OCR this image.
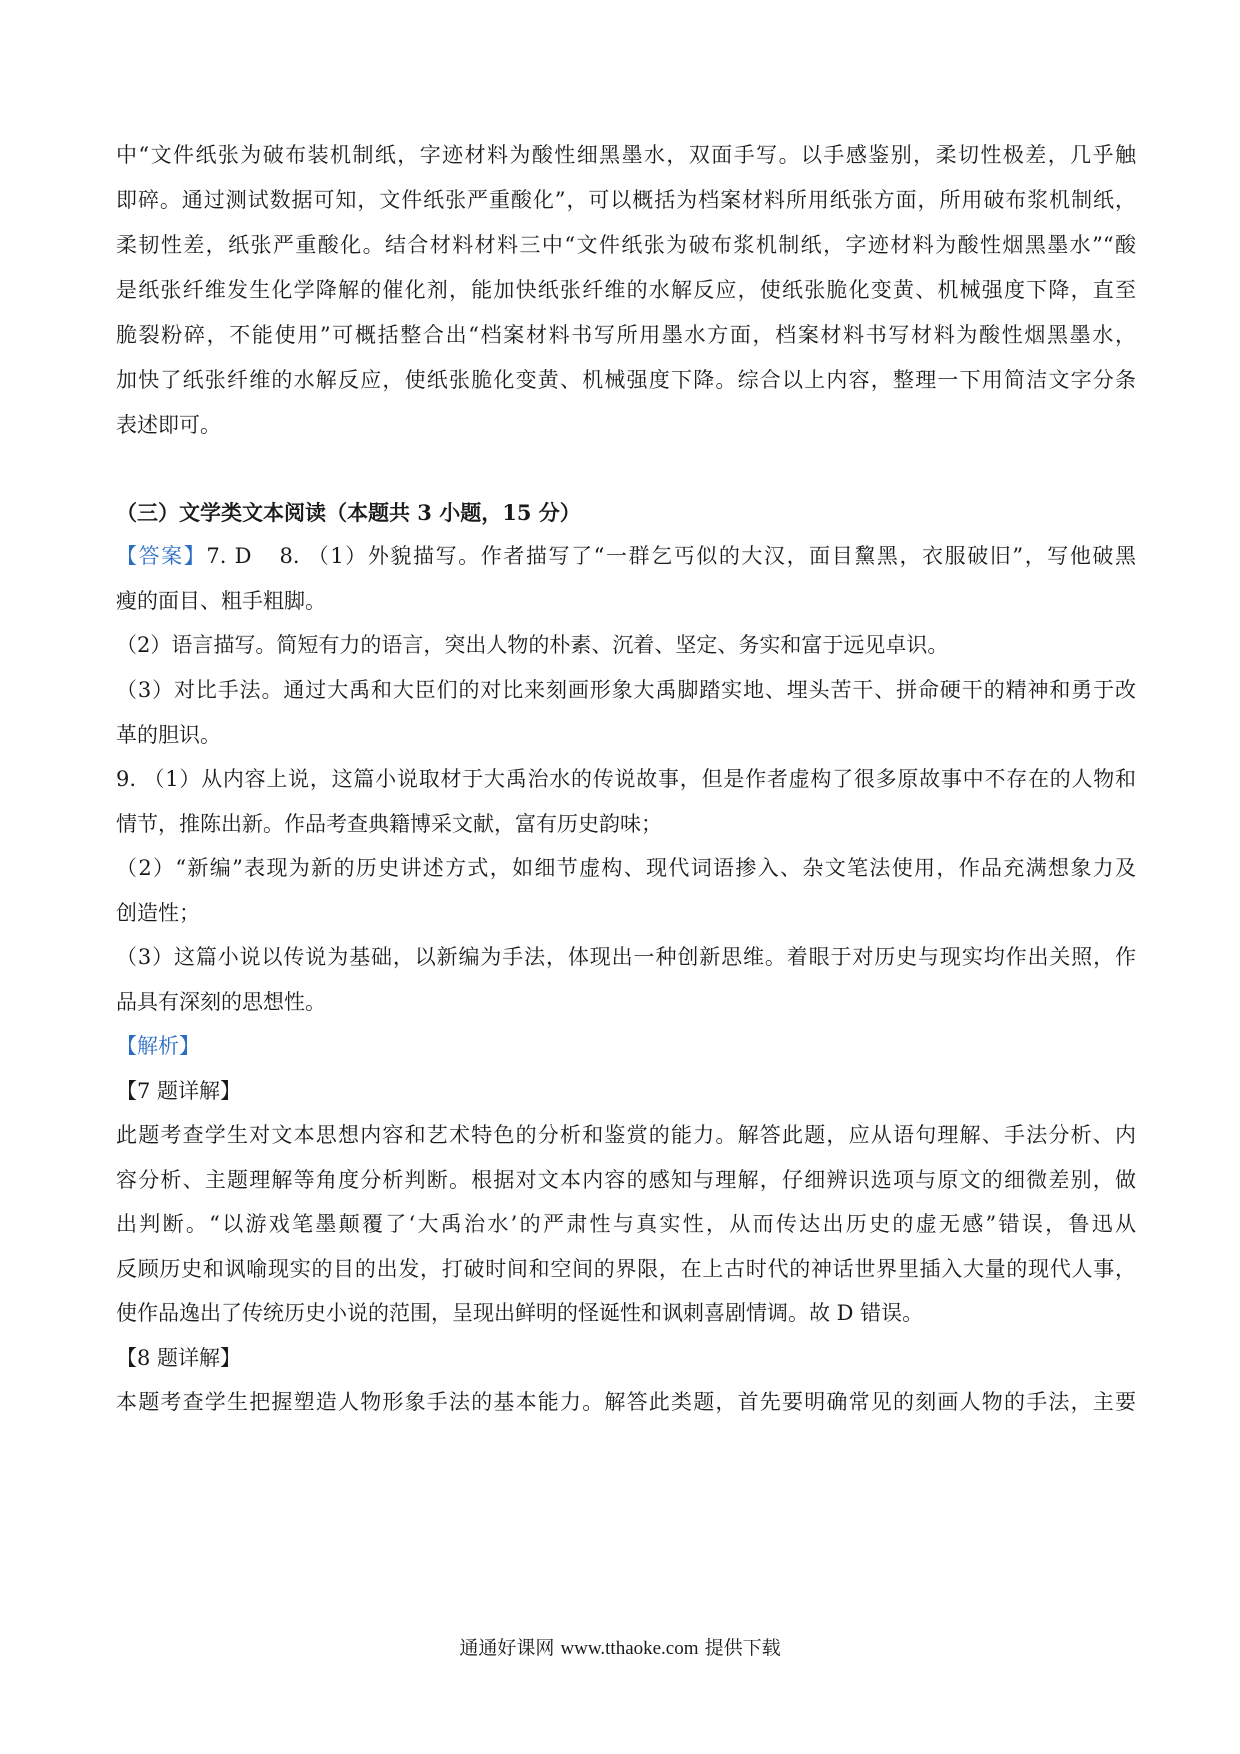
中“文件纸张为破布装机制纸，字迹材料为酸性细黑墨水，双面手写。以手感鉴别，柔切性极差，几乎触
即碎。通过测试数据可知，文件纸张严重酸化”，可以概括为档案材料所用纸张方面，所用破布浆机制纸，
柔韧性差，纸张严重酸化。结合材料材料三中“文件纸张为破布浆机制纸，字迹材料为酸性烟黑墨水”“酸
是纸张纤维发生化学降解的催化剂，能加快纸张纤维的水解反应，使纸张脆化变黄、机械强度下降，直至
脆裂粉碎，不能使用”可概括整合出“档案材料书写所用墨水方面，档案材料书写材料为酸性烟黑墨水，
加快了纸张纤维的水解反应，使纸张脆化变黄、机械强度下降。综合以上内容，整理一下用简洁文字分条
表述即可。
（三）文学类文本阅读（本题共 3 小题，15 分）
【答案】7. D 8. （1）外貌描写。作者描写了“一群乞丐似的大汉，面目黧黑，衣服破旧”，写他破黑
瘦的面目、粗手粗脚。
（2）语言描写。简短有力的语言，突出人物的朴素、沉着、坚定、务实和富于远见卓识。
（3）对比手法。通过大禹和大臣们的对比来刻画形象大禹脚踏实地、埋头苦干、拼命硬干的精神和勇于改
革的胆识。
9. （1）从内容上说，这篇小说取材于大禹治水的传说故事，但是作者虚构了很多原故事中不存在的人物和
情节，推陈出新。作品考查典籍博采文献，富有历史韵味；
（2）“新编”表现为新的历史讲述方式，如细节虚构、现代词语掺入、杂文笔法使用，作品充满想象力及
创造性；
（3）这篇小说以传说为基础，以新编为手法，体现出一种创新思维。着眼于对历史与现实均作出关照，作
品具有深刻的思想性。
【解析】
【7 题详解】
此题考查学生对文本思想内容和艺术特色的分析和鉴赏的能力。解答此题，应从语句理解、手法分析、内
容分析、主题理解等角度分析判断。根据对文本内容的感知与理解，仔细辨识选项与原文的细微差别，做
出判断。“以游戏笔墨颠覆了‘大禹治水’的严肃性与真实性，从而传达出历史的虚无感”错误，鲁迅从
反顾历史和讽喻现实的目的出发，打破时间和空间的界限，在上古时代的神话世界里插入大量的现代人事，
使作品逸出了传统历史小说的范围，呈现出鲜明的怪诞性和讽刺喜剧情调。故 D 错误。
【8 题详解】
本题考查学生把握塑造人物形象手法的基本能力。解答此类题，首先要明确常见的刻画人物的手法，主要
通通好课网 www.tthaoke.com 提供下载
